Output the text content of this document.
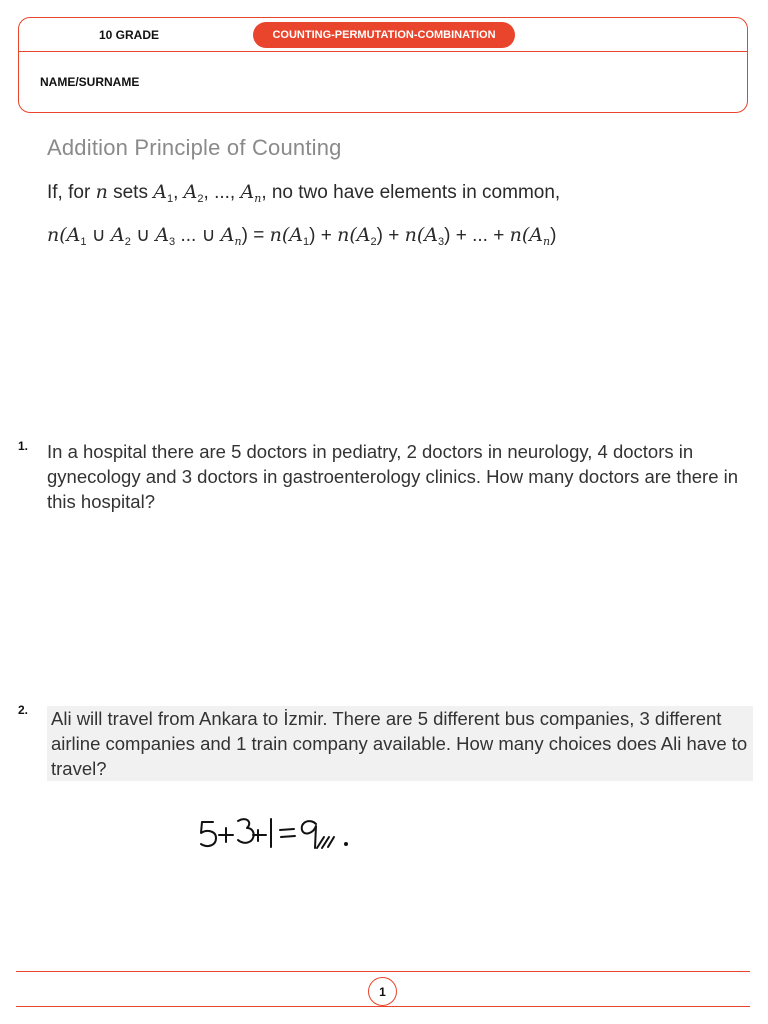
10 GRADE	COUNTING-PERMUTATION-COMBINATION
NAME/SURNAME
Addition Principle of Counting
If, for n sets $A_1$, $A_2$, ..., $A_n$, no two have elements in common,
$n(A_1$ ∪ $A_2$ ∪ $A_3$ ... ∪ $A_n) = n(A_1) + n(A_2) + n(A_3)$ + ... + $n(A_n)$
1. In a hospital there are 5 doctors in pediatry, 2 doctors in neurology, 4 doctors in gynecology and 3 doctors in gastroenterology clinics. How many doctors are there in this hospital?
2. Ali will travel from Ankara to İzmir. There are 5 different bus companies, 3 different airline companies and 1 train company available. How many choices does Ali have to travel?
1
